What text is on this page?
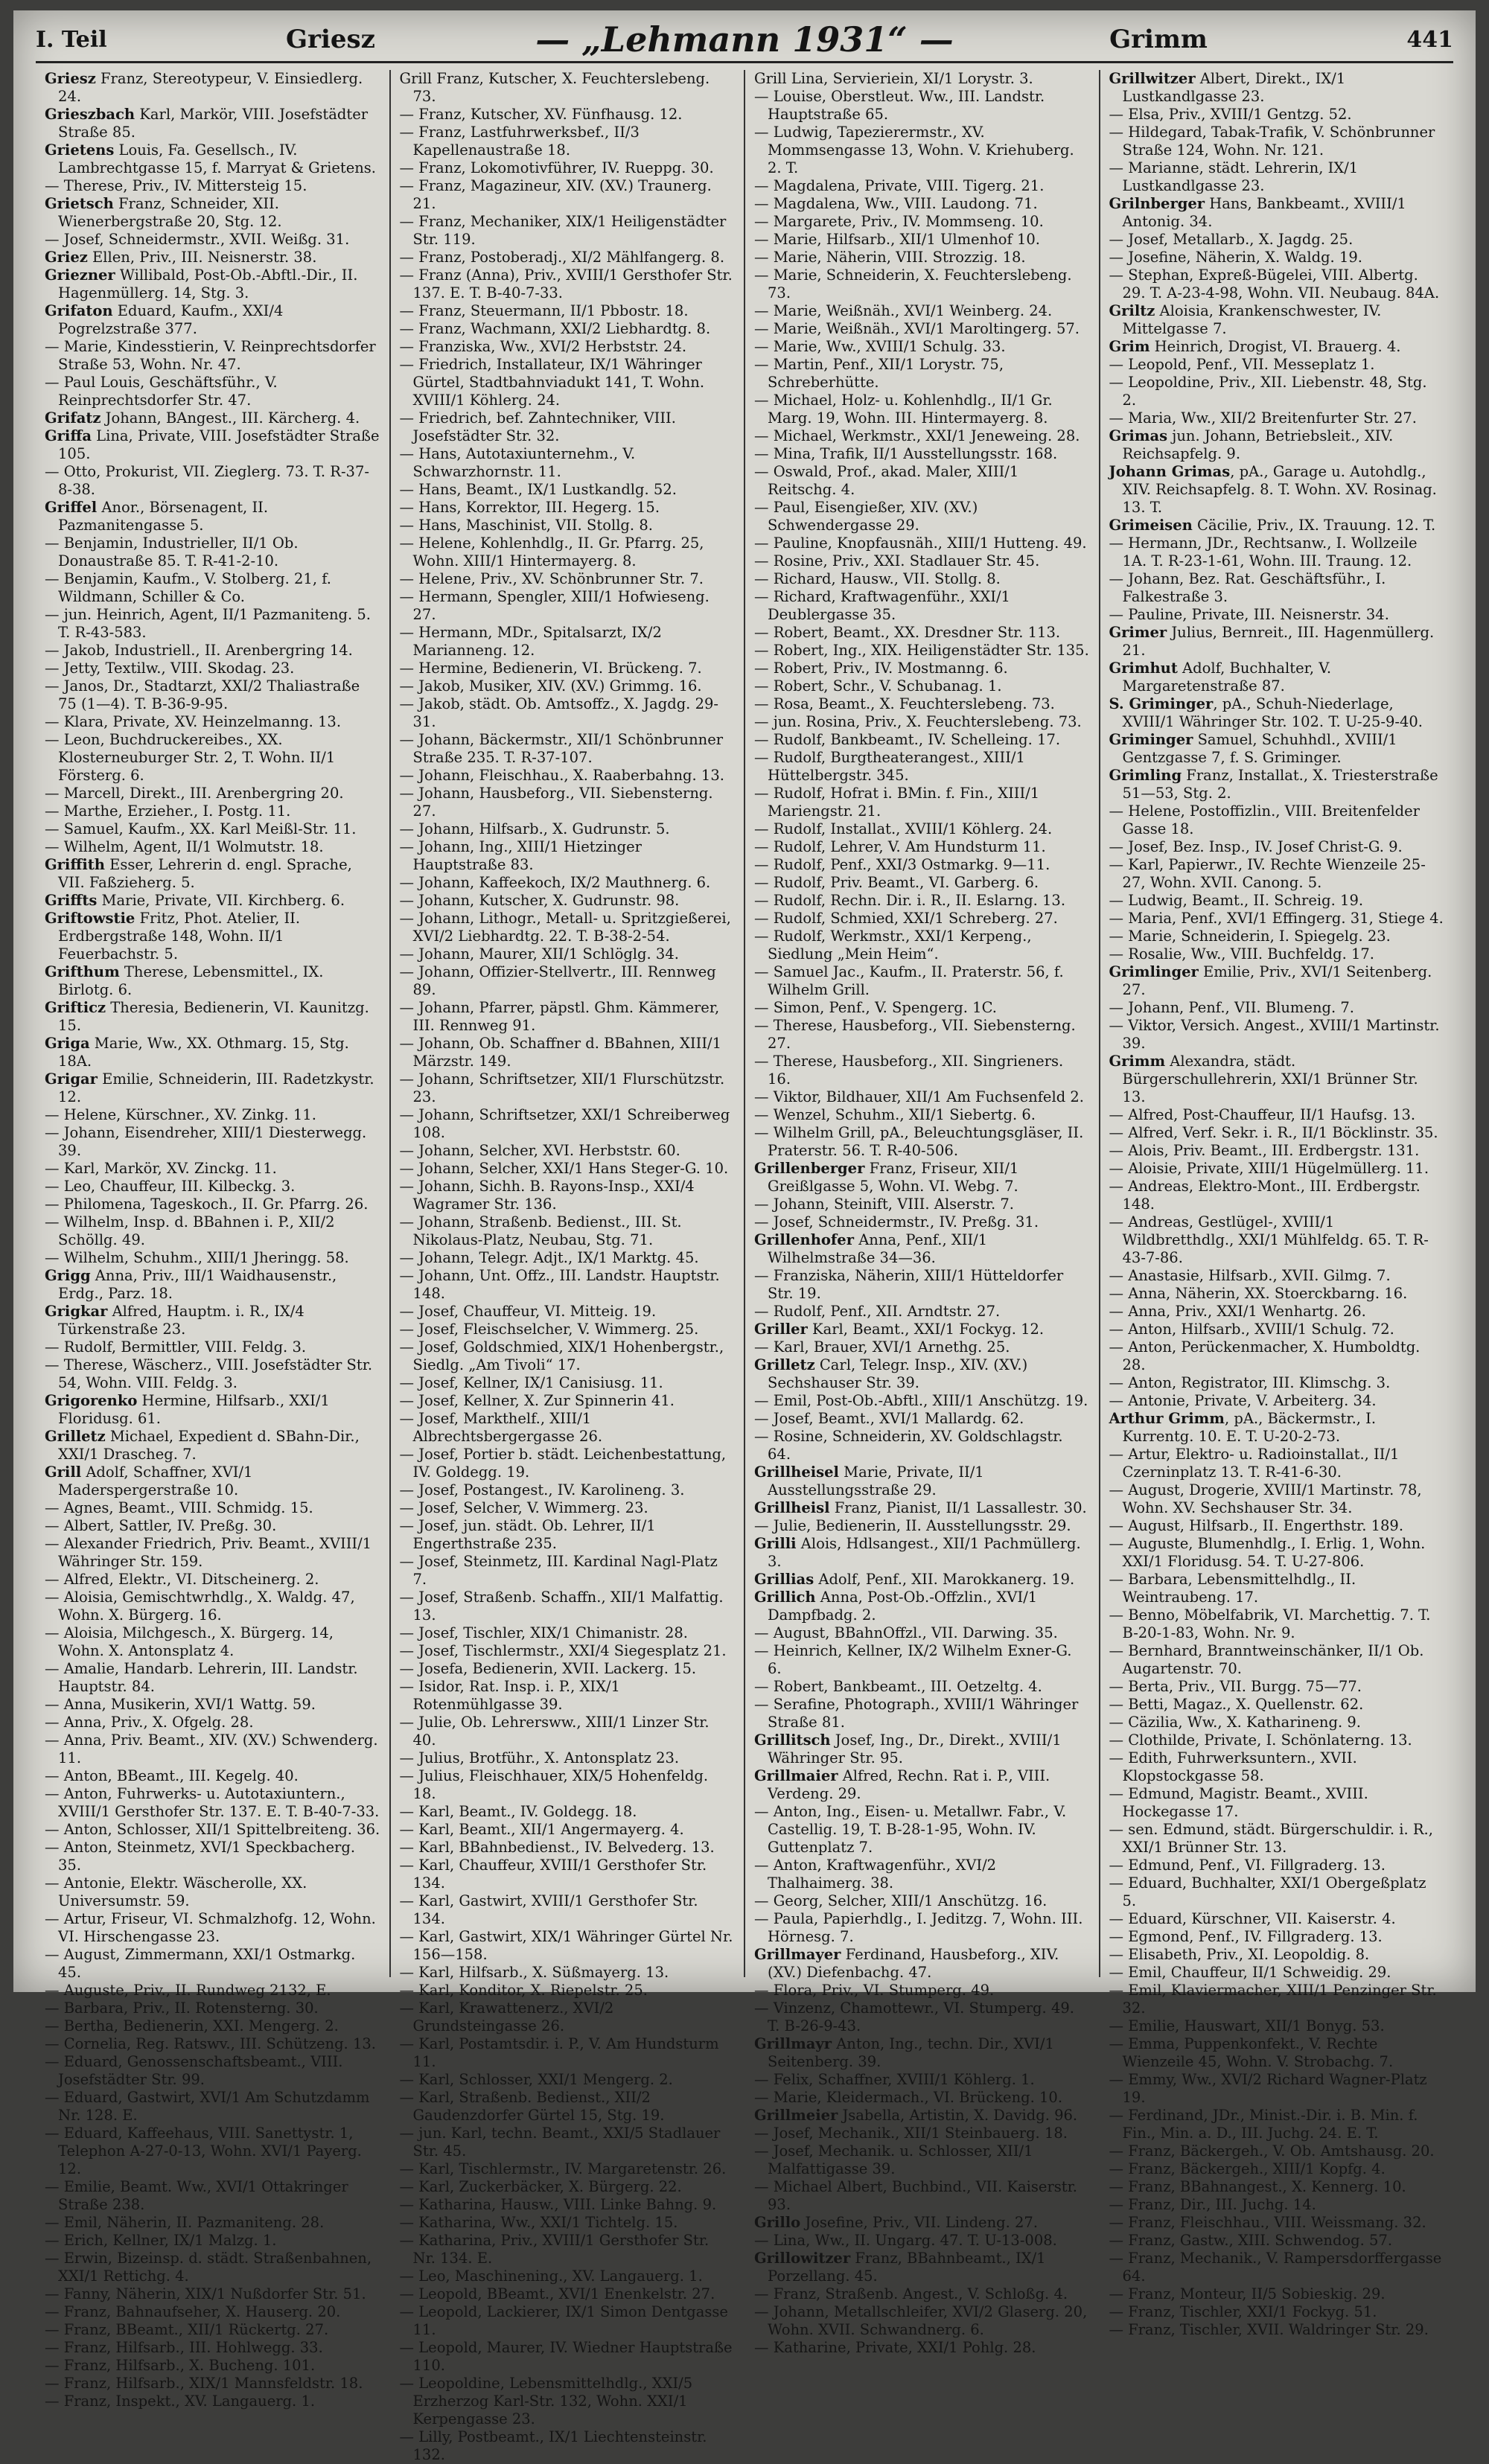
I. Teil	Griesz	— „Lehmann 1931“ —	Grimm	441

Griesz Franz, Stereotypeur, V. Einsiedlerg. 24.

Grieszbach Karl, Markör, VIII. Josefstädter Straße 85.

Grietens Louis, Fa. Gesellsch., IV. Lambrechtgasse 15, f. Marryat & Grietens.

— Therese, Priv., IV. Mittersteig 15.

Grietsch Franz, Schneider, XII. Wienerbergstraße 20, Stg. 12.

— Josef, Schneidermstr., XVII. Weißg. 31.

Griez Ellen, Priv., III. Neisnerstr. 38.

Griezner Willibald, Post-Ob.-Abftl.-Dir., II. Hagenmüllerg. 14, Stg. 3.

Grifaton Eduard, Kaufm., XXI/4 Pogrelzstraße 377.

— Marie, Kindesstierin, V. Reinprechtsdorfer Straße 53, Wohn. Nr. 47.

— Paul Louis, Geschäftsführ., V. Reinprechtsdorfer Str. 47.

Grifatz Johann, BAngest., III. Kärcherg. 4.

Griffa Lina, Private, VIII. Josefstädter Straße 105.

— Otto, Prokurist, VII. Zieglerg. 73. T. R-37-8-38.

Griffel Anor., Börsenagent, II. Pazmanitengasse 5.

— Benjamin, Industrieller, II/1 Ob. Donaustraße 85. T. R-41-2-10.

— Benjamin, Kaufm., V. Stolberg. 21, f. Wildmann, Schiller & Co.

— jun. Heinrich, Agent, II/1 Pazmaniteng. 5. T. R-43-583.

— Jakob, Industriell., II. Arenbergring 14.

— Jetty, Textilw., VIII. Skodag. 23.

— Janos, Dr., Stadtarzt, XXI/2 Thaliastraße 75 (1—4). T. B-36-9-95.

— Klara, Private, XV. Heinzelmanng. 13.

— Leon, Buchdruckereibes., XX. Klosterneuburger Str. 2, T. Wohn. II/1 Försterg. 6.

— Marcell, Direkt., III. Arenbergring 20.

— Marthe, Erzieher., I. Postg. 11.

— Samuel, Kaufm., XX. Karl Meißl-Str. 11.

— Wilhelm, Agent, II/1 Wolmutstr. 18.

Griffith Esser, Lehrerin d. engl. Sprache, VII. Faßzieherg. 5.

Griffts Marie, Private, VII. Kirchberg. 6.

Griftowstie Fritz, Phot. Atelier, II. Erdbergstraße 148, Wohn. II/1 Feuerbachstr. 5.

Grifthum Therese, Lebensmittel., IX. Birlotg. 6.

Grifticz Theresia, Bedienerin, VI. Kaunitzg. 15.

Griga Marie, Ww., XX. Othmarg. 15, Stg. 18A.

Grigar Emilie, Schneiderin, III. Radetzkystr. 12.

— Helene, Kürschner., XV. Zinkg. 11.

— Johann, Eisendreher, XIII/1 Diesterwegg. 39.

— Karl, Markör, XV. Zinckg. 11.

— Leo, Chauffeur, III. Kilbeckg. 3.

— Philomena, Tageskoch., II. Gr. Pfarrg. 26.

— Wilhelm, Insp. d. BBahnen i. P., XII/2 Schöllg. 49.

— Wilhelm, Schuhm., XIII/1 Jheringg. 58.

Grigg Anna, Priv., III/1 Waidhausenstr., Erdg., Parz. 18.

Grigkar Alfred, Hauptm. i. R., IX/4 Türkenstraße 23.

— Rudolf, Bermittler, VIII. Feldg. 3.

— Therese, Wäscherz., VIII. Josefstädter Str. 54, Wohn. VIII. Feldg. 3.

Grigorenko Hermine, Hilfsarb., XXI/1 Floridusg. 61.

Grilletz Michael, Expedient d. SBahn-Dir., XXI/1 Drascheg. 7.

Grill Adolf, Schaffner, XVI/1 Maderspergerstraße 10.

— Agnes, Beamt., VIII. Schmidg. 15.

— Albert, Sattler, IV. Preßg. 30.

— Alexander Friedrich, Priv. Beamt., XVIII/1 Währinger Str. 159.

— Alfred, Elektr., VI. Ditscheinerg. 2.

— Aloisia, Gemischtwrhdlg., X. Waldg. 47, Wohn. X. Bürgerg. 16.

— Aloisia, Milchgesch., X. Bürgerg. 14, Wohn. X. Antonsplatz 4.

— Amalie, Handarb. Lehrerin, III. Landstr. Hauptstr. 84.

— Anna, Musikerin, XVI/1 Wattg. 59.

— Anna, Priv., X. Ofgelg. 28.

— Anna, Priv. Beamt., XIV. (XV.) Schwenderg. 11.

— Anton, BBeamt., III. Kegelg. 40.

— Anton, Fuhrwerks- u. Autotaxiuntern., XVIII/1 Gersthofer Str. 137. E. T. B-40-7-33.

— Anton, Schlosser, XII/1 Spittelbreiteng. 36.

— Anton, Steinmetz, XVI/1 Speckbacherg. 35.

— Antonie, Elektr. Wäscherolle, XX. Universumstr. 59.

— Artur, Friseur, VI. Schmalzhofg. 12, Wohn. VI. Hirschengasse 23.

— August, Zimmermann, XXI/1 Ostmarkg. 45.

— Auguste, Priv., II. Rundweg 2132, E.

— Barbara, Priv., II. Rotensterng. 30.

— Bertha, Bedienerin, XXI. Mengerg. 2.

— Cornelia, Reg. Ratswv., III. Schützeng. 13.

— Eduard, Genossenschaftsbeamt., VIII. Josefstädter Str. 99.

— Eduard, Gastwirt, XVI/1 Am Schutzdamm Nr. 128. E.

— Eduard, Kaffeehaus, VIII. Sanettystr. 1, Telephon A-27-0-13, Wohn. XVI/1 Payerg. 12.

— Emilie, Beamt. Ww., XVI/1 Ottakringer Straße 238.

— Emil, Näherin, II. Pazmaniteng. 28.

— Erich, Kellner, IX/1 Malzg. 1.

— Erwin, Bizeinsp. d. städt. Straßenbahnen, XXI/1 Rettichg. 4.

— Fanny, Näherin, XIX/1 Nußdorfer Str. 51.

— Franz, Bahnaufseher, X. Hauserg. 20.

— Franz, BBeamt., XII/1 Rückertg. 27.

— Franz, Hilfsarb., III. Hohlwegg. 33.

— Franz, Hilfsarb., X. Bucheng. 101.

— Franz, Hilfsarb., XIX/1 Mannsfeldstr. 18.

— Franz, Inspekt., XV. Langauerg. 1.

Grill Franz, Kutscher, X. Feuchterslebeng. 73.

— Franz, Kutscher, XV. Fünfhausg. 12.

— Franz, Lastfuhrwerksbef., II/3 Kapellenaustraße 18.

— Franz, Lokomotivführer, IV. Rueppg. 30.

— Franz, Magazineur, XIV. (XV.) Traunerg. 21.

— Franz, Mechaniker, XIX/1 Heiligenstädter Str. 119.

— Franz, Postoberadj., XI/2 Mählfangerg. 8.

— Franz (Anna), Priv., XVIII/1 Gersthofer Str. 137. E. T. B-40-7-33.

— Franz, Steuermann, II/1 Pbbostr. 18.

— Franz, Wachmann, XXI/2 Liebhardtg. 8.

— Franziska, Ww., XVI/2 Herbststr. 24.

— Friedrich, Installateur, IX/1 Währinger Gürtel, Stadtbahnviadukt 141, T. Wohn. XVIII/1 Köhlerg. 24.

— Friedrich, bef. Zahntechniker, VIII. Josefstädter Str. 32.

— Hans, Autotaxiunternehm., V. Schwarzhornstr. 11.

— Hans, Beamt., IX/1 Lustkandlg. 52.

— Hans, Korrektor, III. Hegerg. 15.

— Hans, Maschinist, VII. Stollg. 8.

— Helene, Kohlenhdlg., II. Gr. Pfarrg. 25, Wohn. XIII/1 Hintermayerg. 8.

— Helene, Priv., XV. Schönbrunner Str. 7.

— Hermann, Spengler, XIII/1 Hofwieseng. 27.

— Hermann, MDr., Spitalsarzt, IX/2 Marianneng. 12.

— Hermine, Bedienerin, VI. Brückeng. 7.

— Jakob, Musiker, XIV. (XV.) Grimmg. 16.

— Jakob, städt. Ob. Amtsoffz., X. Jagdg. 29-31.

— Johann, Bäckermstr., XII/1 Schönbrunner Straße 235. T. R-37-107.

— Johann, Fleischhau., X. Raaberbahng. 13.

— Johann, Hausbeforg., VII. Siebensterng. 27.

— Johann, Hilfsarb., X. Gudrunstr. 5.

— Johann, Ing., XIII/1 Hietzinger Hauptstraße 83.

— Johann, Kaffeekoch, IX/2 Mauthnerg. 6.

— Johann, Kutscher, X. Gudrunstr. 98.

— Johann, Lithogr., Metall- u. Spritzgießerei, XVI/2 Liebhardtg. 22. T. B-38-2-54.

— Johann, Maurer, XII/1 Schlöglg. 34.

— Johann, Offizier-Stellvertr., III. Rennweg 89.

— Johann, Pfarrer, päpstl. Ghm. Kämmerer, III. Rennweg 91.

— Johann, Ob. Schaffner d. BBahnen, XIII/1 Märzstr. 149.

— Johann, Schriftsetzer, XII/1 Flurschützstr. 23.

— Johann, Schriftsetzer, XXI/1 Schreiberweg 108.

— Johann, Selcher, XVI. Herbststr. 60.

— Johann, Selcher, XXI/1 Hans Steger-G. 10.

— Johann, Sichh. B. Rayons-Insp., XXI/4 Wagramer Str. 136.

— Johann, Straßenb. Bedienst., III. St. Nikolaus-Platz, Neubau, Stg. 71.

— Johann, Telegr. Adjt., IX/1 Marktg. 45.

— Johann, Unt. Offz., III. Landstr. Hauptstr. 148.

— Josef, Chauffeur, VI. Mitteig. 19.

— Josef, Fleischselcher, V. Wimmerg. 25.

— Josef, Goldschmied, XIX/1 Hohenbergstr., Siedlg. „Am Tivoli“ 17.

— Josef, Kellner, IX/1 Canisiusg. 11.

— Josef, Kellner, X. Zur Spinnerin 41.

— Josef, Markthelf., XIII/1 Albrechtsbergergasse 26.

— Josef, Portier b. städt. Leichenbestattung, IV. Goldegg. 19.

— Josef, Postangest., IV. Karolineng. 3.

— Josef, Selcher, V. Wimmerg. 23.

— Josef, jun. städt. Ob. Lehrer, II/1 Engerthstraße 235.

— Josef, Steinmetz, III. Kardinal Nagl-Platz 7.

— Josef, Straßenb. Schaffn., XII/1 Malfattig. 13.

— Josef, Tischler, XIX/1 Chimanistr. 28.

— Josef, Tischlermstr., XXI/4 Siegesplatz 21.

— Josefa, Bedienerin, XVII. Lackerg. 15.

— Isidor, Rat. Insp. i. P., XIX/1 Rotenmühlgasse 39.

— Julie, Ob. Lehrersww., XIII/1 Linzer Str. 40.

— Julius, Brotführ., X. Antonsplatz 23.

— Julius, Fleischhauer, XIX/5 Hohenfeldg. 18.

— Karl, Beamt., IV. Goldegg. 18.

— Karl, Beamt., XII/1 Angermayerg. 4.

— Karl, BBahnbedienst., IV. Belvederg. 13.

— Karl, Chauffeur, XVIII/1 Gersthofer Str. 134.

— Karl, Gastwirt, XVIII/1 Gersthofer Str. 134.

— Karl, Gastwirt, XIX/1 Währinger Gürtel Nr. 156—158.

— Karl, Hilfsarb., X. Süßmayerg. 13.

— Karl, Konditor, X. Riepelstr. 25.

— Karl, Krawattenerz., XVI/2 Grundsteingasse 26.

— Karl, Postamtsdir. i. P., V. Am Hundsturm 11.

— Karl, Schlosser, XXI/1 Mengerg. 2.

— Karl, Straßenb. Bedienst., XII/2 Gaudenzdorfer Gürtel 15, Stg. 19.

— jun. Karl, techn. Beamt., XXI/5 Stadlauer Str. 45.

— Karl, Tischlermstr., IV. Margaretenstr. 26.

— Karl, Zuckerbäcker, X. Bürgerg. 22.

— Katharina, Hausw., VIII. Linke Bahng. 9.

— Katharina, Ww., XXI/1 Tichtelg. 15.

— Katharina, Priv., XVIII/1 Gersthofer Str. Nr. 134. E.

— Leo, Maschinening., XV. Langauerg. 1.

— Leopold, BBeamt., XVI/1 Enenkelstr. 27.

— Leopold, Lackierer, IX/1 Simon Dentgasse 11.

— Leopold, Maurer, IV. Wiedner Hauptstraße 110.

— Leopoldine, Lebensmittelhdlg., XXI/5 Erzherzog Karl-Str. 132, Wohn. XXI/1 Kerpengasse 23.

— Lilly, Postbeamt., IX/1 Liechtensteinstr. 132.

Grill Lina, Servieriein, XI/1 Lorystr. 3.

— Louise, Oberstleut. Ww., III. Landstr. Hauptstraße 65.

— Ludwig, Tapezierermstr., XV. Mommsengasse 13, Wohn. V. Kriehuberg. 2. T.

— Magdalena, Private, VIII. Tigerg. 21.

— Magdalena, Ww., VIII. Laudong. 71.

— Margarete, Priv., IV. Mommseng. 10.

— Marie, Hilfsarb., XII/1 Ulmenhof 10.

— Marie, Näherin, VIII. Strozzig. 18.

— Marie, Schneiderin, X. Feuchterslebeng. 73.

— Marie, Weißnäh., XVI/1 Weinberg. 24.

— Marie, Weißnäh., XVI/1 Maroltingerg. 57.

— Marie, Ww., XVIII/1 Schulg. 33.

— Martin, Penf., XII/1 Lorystr. 75, Schreberhütte.

— Michael, Holz- u. Kohlenhdlg., II/1 Gr. Marg. 19, Wohn. III. Hintermayerg. 8.

— Michael, Werkmstr., XXI/1 Jeneweing. 28.

— Mina, Trafik, II/1 Ausstellungsstr. 168.

— Oswald, Prof., akad. Maler, XIII/1 Reitschg. 4.

— Paul, Eisengießer, XIV. (XV.) Schwendergasse 29.

— Pauline, Knopfausnäh., XIII/1 Hutteng. 49.

— Rosine, Priv., XXI. Stadlauer Str. 45.

— Richard, Hausw., VII. Stollg. 8.

— Richard, Kraftwagenführ., XXI/1 Deublergasse 35.

— Robert, Beamt., XX. Dresdner Str. 113.

— Robert, Ing., XIX. Heiligenstädter Str. 135.

— Robert, Priv., IV. Mostmanng. 6.

— Robert, Schr., V. Schubanag. 1.

— Rosa, Beamt., X. Feuchterslebeng. 73.

— jun. Rosina, Priv., X. Feuchterslebeng. 73.

— Rudolf, Bankbeamt., IV. Schelleing. 17.

— Rudolf, Burgtheaterangest., XIII/1 Hüttelbergstr. 345.

— Rudolf, Hofrat i. BMin. f. Fin., XIII/1 Mariengstr. 21.

— Rudolf, Installat., XVIII/1 Köhlerg. 24.

— Rudolf, Lehrer, V. Am Hundsturm 11.

— Rudolf, Penf., XXI/3 Ostmarkg. 9—11.

— Rudolf, Priv. Beamt., VI. Garberg. 6.

— Rudolf, Rechn. Dir. i. R., II. Eslarng. 13.

— Rudolf, Schmied, XXI/1 Schreberg. 27.

— Rudolf, Werkmstr., XXI/1 Kerpeng., Siedlung „Mein Heim“.

— Samuel Jac., Kaufm., II. Praterstr. 56, f. Wilhelm Grill.

— Simon, Penf., V. Spengerg. 1C.

— Therese, Hausbeforg., VII. Siebensterng. 27.

— Therese, Hausbeforg., XII. Singrieners. 16.

— Viktor, Bildhauer, XII/1 Am Fuchsenfeld 2.

— Wenzel, Schuhm., XII/1 Siebertg. 6.

— Wilhelm Grill, pA., Beleuchtungsgläser, II. Praterstr. 56. T. R-40-506.

Grillenberger Franz, Friseur, XII/1 Greißlgasse 5, Wohn. VI. Webg. 7.

— Johann, Steinift, VIII. Alserstr. 7.

— Josef, Schneidermstr., IV. Preßg. 31.

Grillenhofer Anna, Penf., XII/1 Wilhelmstraße 34—36.

— Franziska, Näherin, XIII/1 Hütteldorfer Str. 19.

— Rudolf, Penf., XII. Arndtstr. 27.

Griller Karl, Beamt., XXI/1 Fockyg. 12.

— Karl, Brauer, XVI/1 Arnethg. 25.

Grilletz Carl, Telegr. Insp., XIV. (XV.) Sechshauser Str. 39.

— Emil, Post-Ob.-Abftl., XIII/1 Anschützg. 19.

— Josef, Beamt., XVI/1 Mallardg. 62.

— Rosine, Schneiderin, XV. Goldschlagstr. 64.

Grillheisel Marie, Private, II/1 Ausstellungsstraße 29.

Grillheisl Franz, Pianist, II/1 Lassallestr. 30.

— Julie, Bedienerin, II. Ausstellungsstr. 29.

Grilli Alois, Hdlsangest., XII/1 Pachmüllerg. 3.

Grillias Adolf, Penf., XII. Marokkanerg. 19.

Grillich Anna, Post-Ob.-Offzlin., XVI/1 Dampfbadg. 2.

— August, BBahnOffzl., VII. Darwing. 35.

— Heinrich, Kellner, IX/2 Wilhelm Exner-G. 6.

— Robert, Bankbeamt., III. Oetzeltg. 4.

— Serafine, Photograph., XVIII/1 Währinger Straße 81.

Grillitsch Josef, Ing., Dr., Direkt., XVIII/1 Währinger Str. 95.

Grillmaier Alfred, Rechn. Rat i. P., VIII. Verdeng. 29.

— Anton, Ing., Eisen- u. Metallwr. Fabr., V. Castellig. 19, T. B-28-1-95, Wohn. IV. Guttenplatz 7.

— Anton, Kraftwagenführ., XVI/2 Thalhaimerg. 38.

— Georg, Selcher, XIII/1 Anschützg. 16.

— Paula, Papierhdlg., I. Jeditzg. 7, Wohn. III. Hörnesg. 7.

Grillmayer Ferdinand, Hausbeforg., XIV. (XV.) Diefenbachg. 47.

— Flora, Priv., VI. Stumperg. 49.

— Vinzenz, Chamottewr., VI. Stumperg. 49. T. B-26-9-43.

Grillmayr Anton, Ing., techn. Dir., XVI/1 Seitenberg. 39.

— Felix, Schaffner, XVIII/1 Köhlerg. 1.

— Marie, Kleidermach., VI. Brückeng. 10.

Grillmeier Jsabella, Artistin, X. Davidg. 96.

— Josef, Mechanik., XII/1 Steinbauerg. 18.

— Josef, Mechanik. u. Schlosser, XII/1 Malfattigasse 39.

— Michael Albert, Buchbind., VII. Kaiserstr. 93.

Grillo Josefine, Priv., VII. Lindeng. 27.

— Lina, Ww., II. Ungarg. 47. T. U-13-008.

Grillowitzer Franz, BBahnbeamt., IX/1 Porzellang. 45.

— Franz, Straßenb. Angest., V. Schloßg. 4.

— Johann, Metallschleifer, XVI/2 Glaserg. 20, Wohn. XVII. Schwandnerg. 6.

— Katharine, Private, XXI/1 Pohlg. 28.

Grillwitzer Albert, Direkt., IX/1 Lustkandlgasse 23.

— Elsa, Priv., XVIII/1 Gentzg. 52.

— Hildegard, Tabak-Trafik, V. Schönbrunner Straße 124, Wohn. Nr. 121.

— Marianne, städt. Lehrerin, IX/1 Lustkandlgasse 23.

Grilnberger Hans, Bankbeamt., XVIII/1 Antonig. 34.

— Josef, Metallarb., X. Jagdg. 25.

— Josefine, Näherin, X. Waldg. 19.

— Stephan, Expreß-Bügelei, VIII. Albertg. 29. T. A-23-4-98, Wohn. VII. Neubaug. 84A.

Griltz Aloisia, Krankenschwester, IV. Mittelgasse 7.

Grim Heinrich, Drogist, VI. Brauerg. 4.

— Leopold, Penf., VII. Messeplatz 1.

— Leopoldine, Priv., XII. Liebenstr. 48, Stg. 2.

— Maria, Ww., XII/2 Breitenfurter Str. 27.

Grimas jun. Johann, Betriebsleit., XIV. Reichsapfelg. 9.

Johann Grimas, pA., Garage u. Autohdlg., XIV. Reichsapfelg. 8. T. Wohn. XV. Rosinag. 13. T.

Grimeisen Cäcilie, Priv., IX. Trauung. 12. T.

— Hermann, JDr., Rechtsanw., I. Wollzeile 1A. T. R-23-1-61, Wohn. III. Traung. 12.

— Johann, Bez. Rat. Geschäftsführ., I. Falkestraße 3.

— Pauline, Private, III. Neisnerstr. 34.

Grimer Julius, Bernreit., III. Hagenmüllerg. 21.

Grimhut Adolf, Buchhalter, V. Margaretenstraße 87.

S. Griminger, pA., Schuh-Niederlage, XVIII/1 Währinger Str. 102. T. U-25-9-40.

Griminger Samuel, Schuhhdl., XVIII/1 Gentzgasse 7, f. S. Griminger.

Grimling Franz, Installat., X. Triesterstraße 51—53, Stg. 2.

— Helene, Postoffizlin., VIII. Breitenfelder Gasse 18.

— Josef, Bez. Insp., IV. Josef Christ-G. 9.

— Karl, Papierwr., IV. Rechte Wienzeile 25-27, Wohn. XVII. Canong. 5.

— Ludwig, Beamt., II. Schreig. 19.

— Maria, Penf., XVI/1 Effingerg. 31, Stiege 4.

— Marie, Schneiderin, I. Spiegelg. 23.

— Rosalie, Ww., VIII. Buchfeldg. 17.

Grimlinger Emilie, Priv., XVI/1 Seitenberg. 27.

— Johann, Penf., VII. Blumeng. 7.

— Viktor, Versich. Angest., XVIII/1 Martinstr. 39.

Grimm Alexandra, städt. Bürgerschullehrerin, XXI/1 Brünner Str. 13.

— Alfred, Post-Chauffeur, II/1 Haufsg. 13.

— Alfred, Verf. Sekr. i. R., II/1 Böcklinstr. 35.

— Alois, Priv. Beamt., III. Erdbergstr. 131.

— Aloisie, Private, XIII/1 Hügelmüllerg. 11.

— Andreas, Elektro-Mont., III. Erdbergstr. 148.

— Andreas, Gestlügel-, XVIII/1 Wildbretthdlg., XXI/1 Mühlfeldg. 65. T. R-43-7-86.

— Anastasie, Hilfsarb., XVII. Gilmg. 7.

— Anna, Näherin, XX. Stoerckbarng. 16.

— Anna, Priv., XXI/1 Wenhartg. 26.

— Anton, Hilfsarb., XVIII/1 Schulg. 72.

— Anton, Perückenmacher, X. Humboldtg. 28.

— Anton, Registrator, III. Klimschg. 3.

— Antonie, Private, V. Arbeiterg. 34.

Arthur Grimm, pA., Bäckermstr., I. Kurrentg. 10. E. T. U-20-2-73.

— Artur, Elektro- u. Radioinstallat., II/1 Czerninplatz 13. T. R-41-6-30.

— August, Drogerie, XVIII/1 Martinstr. 78, Wohn. XV. Sechshauser Str. 34.

— August, Hilfsarb., II. Engerthstr. 189.

— Auguste, Blumenhdlg., I. Erlig. 1, Wohn. XXI/1 Floridusg. 54. T. U-27-806.

— Barbara, Lebensmittelhdlg., II. Weintraubeng. 17.

— Benno, Möbelfabrik, VI. Marchettig. 7. T. B-20-1-83, Wohn. Nr. 9.

— Bernhard, Branntweinschänker, II/1 Ob. Augartenstr. 70.

— Berta, Priv., VII. Burgg. 75—77.

— Betti, Magaz., X. Quellenstr. 62.

— Cäzilia, Ww., X. Katharineng. 9.

— Clothilde, Private, I. Schönlaterng. 13.

— Edith, Fuhrwerksuntern., XVII. Klopstockgasse 58.

— Edmund, Magistr. Beamt., XVIII. Hockegasse 17.

— sen. Edmund, städt. Bürgerschuldir. i. R., XXI/1 Brünner Str. 13.

— Edmund, Penf., VI. Fillgraderg. 13.

— Eduard, Buchhalter, XXI/1 Obergeßplatz 5.

— Eduard, Kürschner, VII. Kaiserstr. 4.

— Egmond, Penf., IV. Fillgraderg. 13.

— Elisabeth, Priv., XI. Leopoldig. 8.

— Emil, Chauffeur, II/1 Schweidig. 29.

— Emil, Klaviermacher, XIII/1 Penzinger Str. 32.

— Emilie, Hauswart, XII/1 Bonyg. 53.

— Emma, Puppenkonfekt., V. Rechte Wienzeile 45, Wohn. V. Strobachg. 7.

— Emmy, Ww., XVI/2 Richard Wagner-Platz 19.

— Ferdinand, JDr., Minist.-Dir. i. B. Min. f. Fin., Min. a. D., III. Juchg. 24. E. T.

— Franz, Bäckergeh., V. Ob. Amtshausg. 20.

— Franz, Bäckergeh., XIII/1 Kopfg. 4.

— Franz, BBahnangest., X. Kennerg. 10.

— Franz, Dir., III. Juchg. 14.

— Franz, Fleischhau., VIII. Weissmang. 32.

— Franz, Gastw., XIII. Schwendog. 57.

— Franz, Mechanik., V. Rampersdorffergasse 64.

— Franz, Monteur, II/5 Sobieskig. 29.

— Franz, Tischler, XXI/1 Fockyg. 51.

— Franz, Tischler, XVII. Waldringer Str. 29.
